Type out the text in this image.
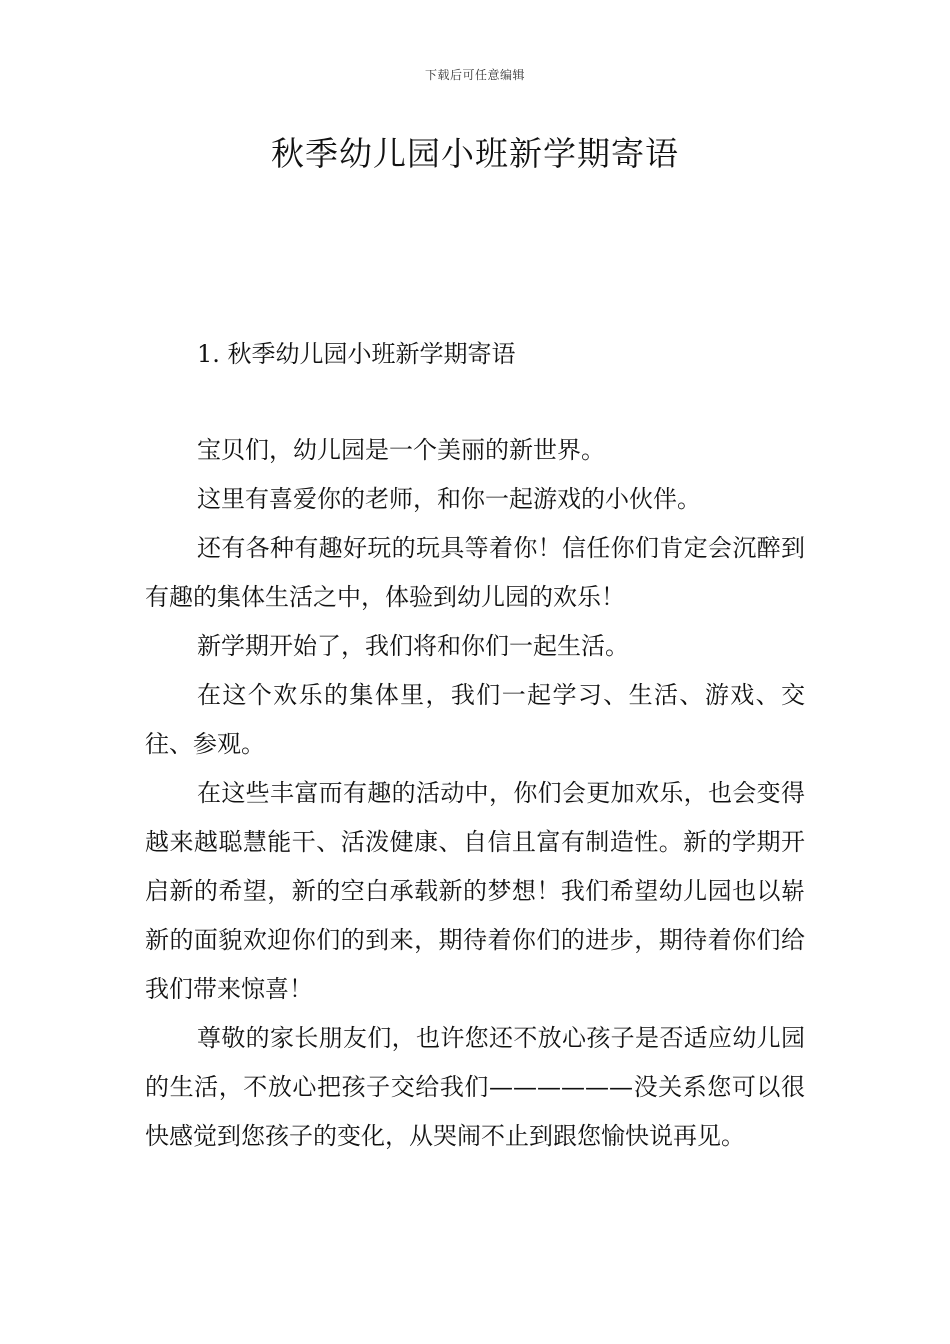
下载后可任意编辑
秋季幼儿园小班新学期寄语
1. 秋季幼儿园小班新学期寄语

宝贝们，幼儿园是一个美丽的新世界。

这里有喜爱你的老师，和你一起游戏的小伙伴。

还有各种有趣好玩的玩具等着你！信任你们肯定会沉醉到有趣的集体生活之中，体验到幼儿园的欢乐！

新学期开始了，我们将和你们一起生活。

在这个欢乐的集体里，我们一起学习、生活、游戏、交往、参观。

在这些丰富而有趣的活动中，你们会更加欢乐，也会变得越来越聪慧能干、活泼健康、自信且富有制造性。新的学期开启新的希望，新的空白承载新的梦想！我们希望幼儿园也以崭新的面貌欢迎你们的到来，期待着你们的进步，期待着你们给我们带来惊喜！

尊敬的家长朋友们，也许您还不放心孩子是否适应幼儿园的生活，不放心把孩子交给我们——————没关系您可以很快感觉到您孩子的变化，从哭闹不止到跟您愉快说再见。
